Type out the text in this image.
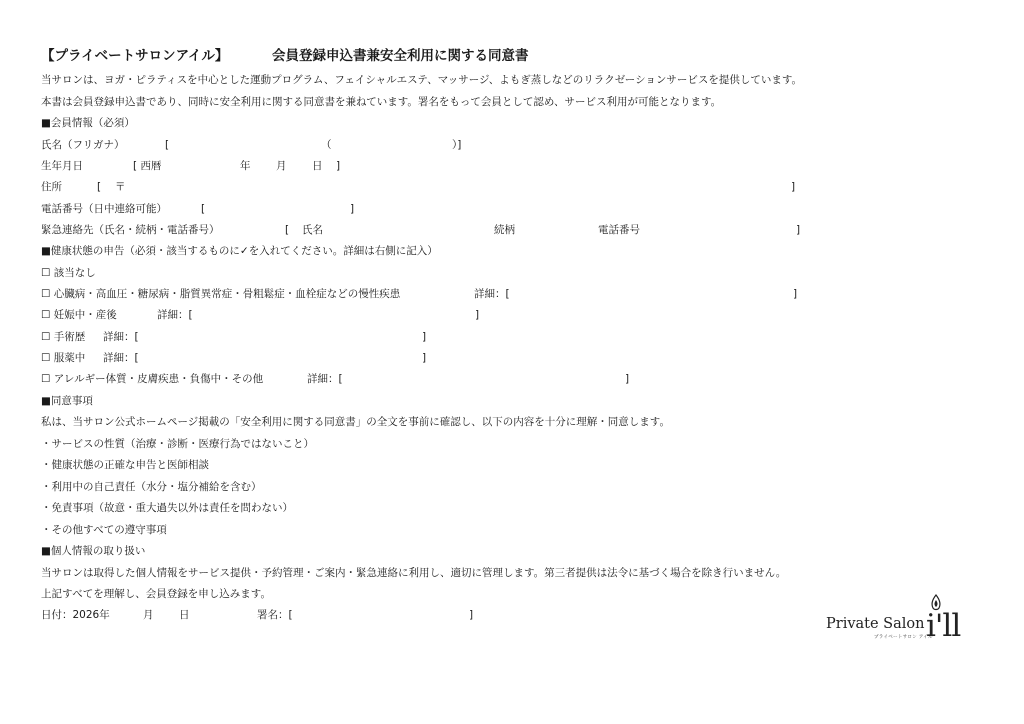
【プライベートサロンアイル】	会員登録申込書兼安全利用に関する同意書
当サロンは、ヨガ・ピラティスを中心とした運動プログラム、フェイシャルエステ、マッサージ、よもぎ蒸しなどのリラクゼーションサービスを提供しています。
本書は会員登録申込書であり、同時に安全利用に関する同意書を兼ねています。署名をもって会員として認め、サービス利用が可能となります。
■会員情報（必須）
氏名（フリガナ）	[	（	）]
生年月日	[ 西暦	年 月 日 ]
住所	[ 〒	]
電話番号（日中連絡可能）	[	]
緊急連絡先（氏名・続柄・電話番号）	[ 氏名	続柄	電話番号	]
■健康状態の申告（必須・該当するものに✓を入れてください。詳細は右側に記入）
☐ 該当なし
☐ 心臓病・高血圧・糖尿病・脂質異常症・骨粗鬆症・血栓症などの慢性疾患	詳細：[	]
☐ 妊娠中・産後	詳細：[	]
☐ 手術歴 詳細：[	]
☐ 服薬中 詳細：[	]
☐ アレルギー体質・皮膚疾患・負傷中・その他	詳細：[	]
■同意事項
私は、当サロン公式ホームページ掲載の「安全利用に関する同意書」の全文を事前に確認し、以下の内容を十分に理解・同意します。
・サービスの性質（治療・診断・医療行為ではないこと）
・健康状態の正確な申告と医師相談
・利用中の自己責任（水分・塩分補給を含む）
・免責事項（故意・重大過失以外は責任を問わない）
・その他すべての遵守事項
■個人情報の取り扱い
当サロンは取得した個人情報をサービス提供・予約管理・ご案内・緊急連絡に利用し、適切に管理します。第三者提供は法令に基づく場合を除き行いません。
上記すべてを理解し、会員登録を申し込みます。
日付：2026年	月 日	署名：[	]
Private Salon
プライベートサロン アイル
i'll
